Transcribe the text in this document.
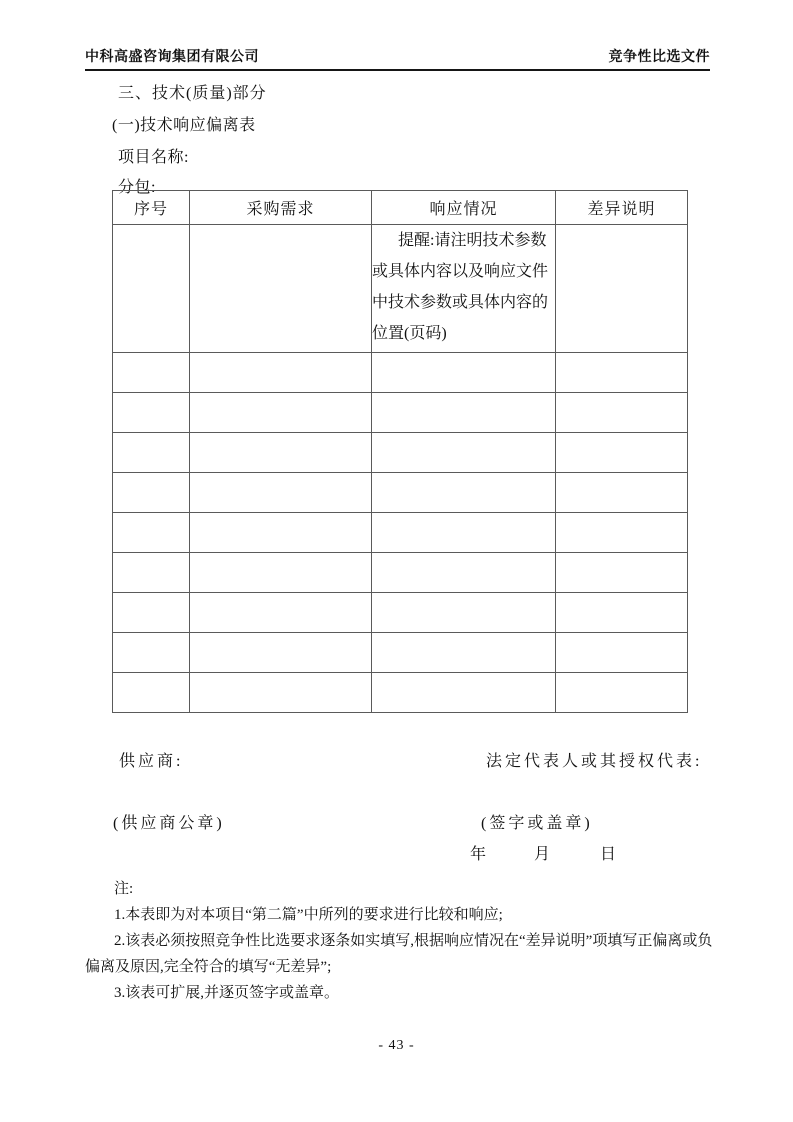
中科高盛咨询集团有限公司	竞争性比选文件
三、技术(质量)部分
(一)技术响应偏离表
项目名称:
分包:
序号	采购需求	响应情况	差异说明
		提醒:请注明技术参数或具体内容以及响应文件中技术参数或具体内容的位置(页码)	

供应商:	法定代表人或其授权代表:
(供应商公章)	(签字或盖章)
年	月	日

注:

1.本表即为对本项目“第二篇”中所列的要求进行比较和响应;

2.该表必须按照竞争性比选要求逐条如实填写,根据响应情况在“差异说明”项填写正偏离或负偏离及原因,完全符合的填写“无差异”;

3.该表可扩展,并逐页签字或盖章。

- 43 -
